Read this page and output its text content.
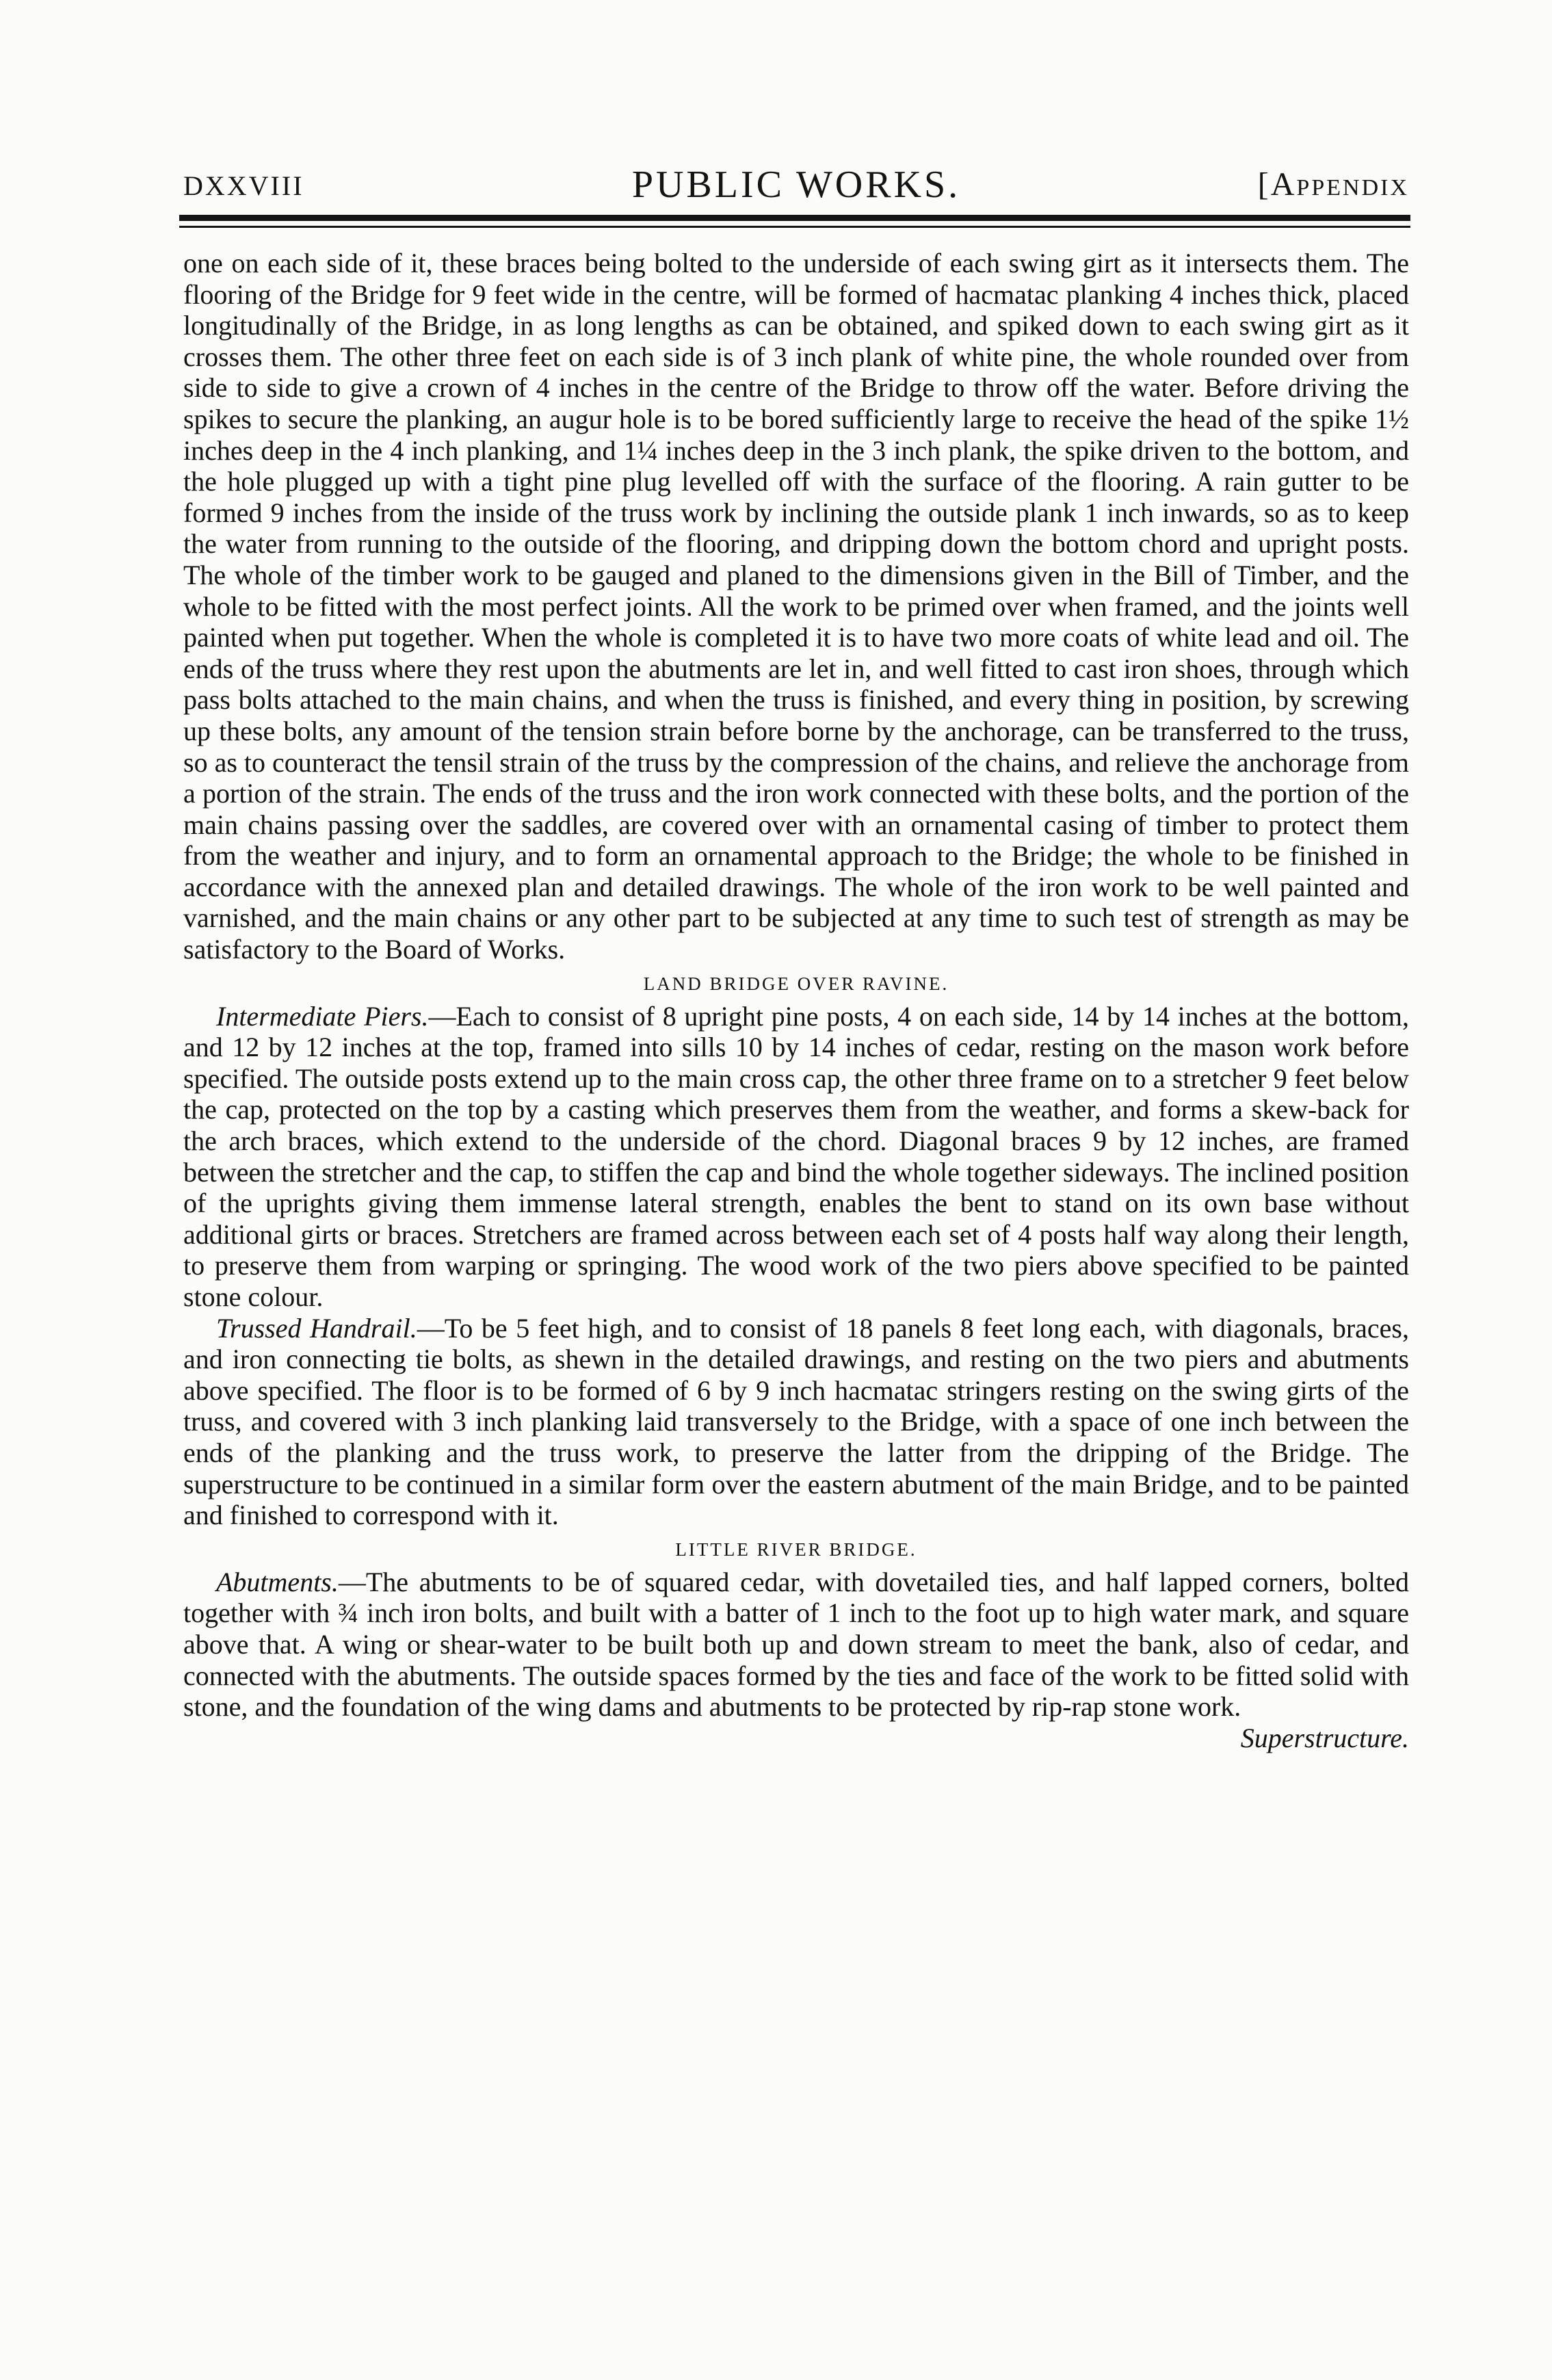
DXXVIII	PUBLIC WORKS.	[Appendix

one on each side of it, these braces being bolted to the underside of each swing girt as it intersects them. The flooring of the Bridge for 9 feet wide in the centre, will be formed of hacmatac planking 4 inches thick, placed longitudinally of the Bridge, in as long lengths as can be obtained, and spiked down to each swing girt as it crosses them. The other three feet on each side is of 3 inch plank of white pine, the whole rounded over from side to side to give a crown of 4 inches in the centre of the Bridge to throw off the water. Before driving the spikes to secure the planking, an augur hole is to be bored sufficiently large to receive the head of the spike 1½ inches deep in the 4 inch planking, and 1¼ inches deep in the 3 inch plank, the spike driven to the bottom, and the hole plugged up with a tight pine plug levelled off with the surface of the flooring. A rain gutter to be formed 9 inches from the inside of the truss work by inclining the outside plank 1 inch inwards, so as to keep the water from running to the outside of the flooring, and dripping down the bottom chord and upright posts. The whole of the timber work to be gauged and planed to the dimensions given in the Bill of Timber, and the whole to be fitted with the most perfect joints. All the work to be primed over when framed, and the joints well painted when put together. When the whole is completed it is to have two more coats of white lead and oil. The ends of the truss where they rest upon the abutments are let in, and well fitted to cast iron shoes, through which pass bolts attached to the main chains, and when the truss is finished, and every thing in position, by screwing up these bolts, any amount of the tension strain before borne by the anchorage, can be transferred to the truss, so as to counteract the tensil strain of the truss by the compression of the chains, and relieve the anchorage from a portion of the strain. The ends of the truss and the iron work connected with these bolts, and the portion of the main chains passing over the saddles, are covered over with an ornamental casing of timber to protect them from the weather and injury, and to form an ornamental approach to the Bridge; the whole to be finished in accordance with the annexed plan and detailed drawings. The whole of the iron work to be well painted and varnished, and the main chains or any other part to be subjected at any time to such test of strength as may be satisfactory to the Board of Works.

LAND BRIDGE OVER RAVINE.

Intermediate Piers.—Each to consist of 8 upright pine posts, 4 on each side, 14 by 14 inches at the bottom, and 12 by 12 inches at the top, framed into sills 10 by 14 inches of cedar, resting on the mason work before specified. The outside posts extend up to the main cross cap, the other three frame on to a stretcher 9 feet below the cap, protected on the top by a casting which preserves them from the weather, and forms a skew-back for the arch braces, which extend to the underside of the chord. Diagonal braces 9 by 12 inches, are framed between the stretcher and the cap, to stiffen the cap and bind the whole together sideways. The inclined position of the uprights giving them immense lateral strength, enables the bent to stand on its own base without additional girts or braces. Stretchers are framed across between each set of 4 posts half way along their length, to preserve them from warping or springing. The wood work of the two piers above specified to be painted stone colour.

Trussed Handrail.—To be 5 feet high, and to consist of 18 panels 8 feet long each, with diagonals, braces, and iron connecting tie bolts, as shewn in the detailed drawings, and resting on the two piers and abutments above specified. The floor is to be formed of 6 by 9 inch hacmatac stringers resting on the swing girts of the truss, and covered with 3 inch planking laid transversely to the Bridge, with a space of one inch between the ends of the planking and the truss work, to preserve the latter from the dripping of the Bridge. The superstructure to be continued in a similar form over the eastern abutment of the main Bridge, and to be painted and finished to correspond with it.

LITTLE RIVER BRIDGE.

Abutments.—The abutments to be of squared cedar, with dovetailed ties, and half lapped corners, bolted together with ¾ inch iron bolts, and built with a batter of 1 inch to the foot up to high water mark, and square above that. A wing or shear-water to be built both up and down stream to meet the bank, also of cedar, and connected with the abutments. The outside spaces formed by the ties and face of the work to be fitted solid with stone, and the foundation of the wing dams and abutments to be protected by rip-rap stone work.
Superstructure.
